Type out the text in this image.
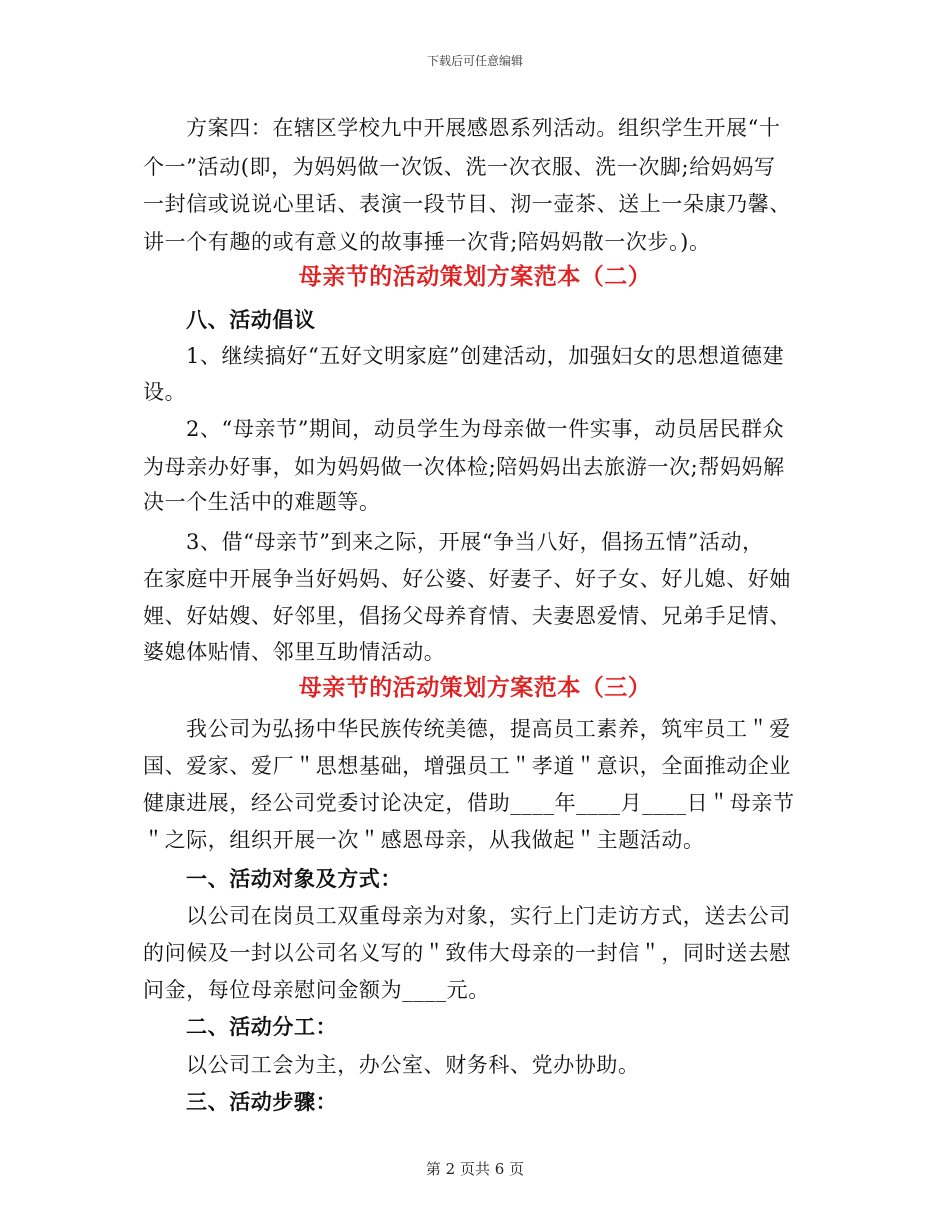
下载后可任意编辑
方案四：在辖区学校九中开展感恩系列活动。组织学生开展“十
个一”活动(即，为妈妈做一次饭、洗一次衣服、洗一次脚;给妈妈写
一封信或说说心里话、表演一段节目、沏一壶茶、送上一朵康乃馨、
讲一个有趣的或有意义的故事捶一次背;陪妈妈散一次步。)。
母亲节的活动策划方案范本（二）
八、活动倡议
1、继续搞好“五好文明家庭”创建活动，加强妇女的思想道德建
设。
2、“母亲节”期间，动员学生为母亲做一件实事，动员居民群众
为母亲办好事，如为妈妈做一次体检;陪妈妈出去旅游一次;帮妈妈解
决一个生活中的难题等。
3、借“母亲节”到来之际，开展“争当八好，倡扬五情”活动，
在家庭中开展争当好妈妈、好公婆、好妻子、好子女、好儿媳、好妯
娌、好姑嫂、好邻里，倡扬父母养育情、夫妻恩爱情、兄弟手足情、
婆媳体贴情、邻里互助情活动。
母亲节的活动策划方案范本（三）
我公司为弘扬中华民族传统美德，提高员工素养，筑牢员工＂爱
国、爱家、爱厂＂思想基础，增强员工＂孝道＂意识，全面推动企业
健康进展，经公司党委讨论决定，借助____年____月____日＂母亲节
＂之际，组织开展一次＂感恩母亲，从我做起＂主题活动。
一、活动对象及方式：
以公司在岗员工双重母亲为对象，实行上门走访方式，送去公司
的问候及一封以公司名义写的＂致伟大母亲的一封信＂，同时送去慰
问金，每位母亲慰问金额为____元。
二、活动分工：
以公司工会为主，办公室、财务科、党办协助。
三、活动步骤：
第 2 页共 6 页
